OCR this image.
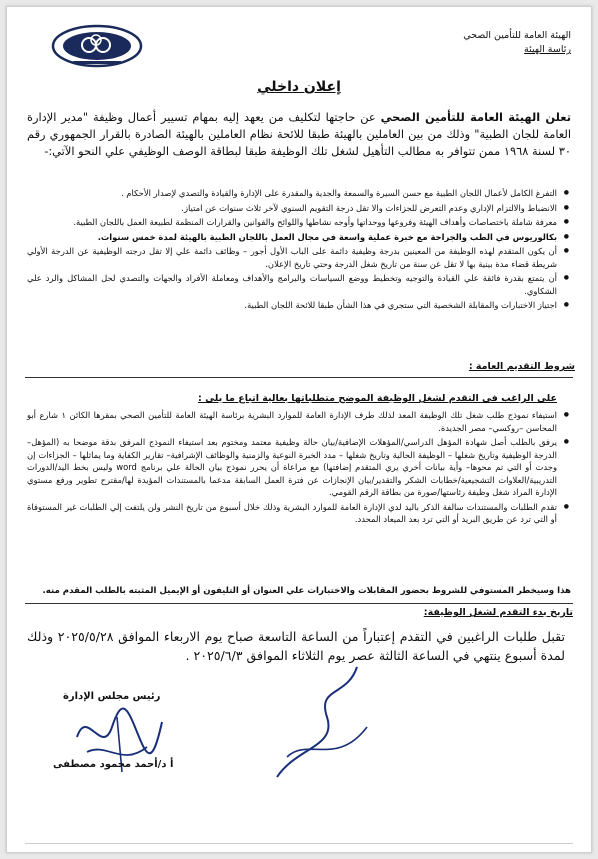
الهيئة العامة للتأمين الصحي
رئاسة الهيئة
إعلان داخلي
تعلن الهيئة العامة للتأمين الصحي عن حاجتها لتكليف من يعهد إليه بمهام تسيير أعمال وظيفة "مدير الإدارة العامة للجان الطبية" وذلك من بين العاملين بالهيئة طبقا للائحة نظام العاملين بالهيئة الصادرة بالقرار الجمهوري رقم ٣٠ لسنة ١٩٦٨ ممن تتوافر به مطالب التأهيل لشغل تلك الوظيفة طبقا لبطاقة الوصف الوظيفي علي النحو الآتي:-
● التفرغ الكامل لأعمال اللجان الطبية مع حسن السيرة والسمعة والجدية والمقدرة على الإدارة والقيادة والتصدي لإصدار الأحكام .
● الانضباط والالتزام الإداري وعدم التعرض للجزاءات والا تقل درجة التقويم السنوي لآخر ثلاث سنوات عن امتياز.
● معرفة شاملة باختصاصات وأهداف الهيئة وفروعها ووحداتها وأوجه نشاطها واللوائح والقوانين والقرارات المنظمة لطبيعة العمل باللجان الطبية.
● بكالوريوس في الطب والجراحة مع خبرة عملية واسعة في مجال العمل باللجان الطبية بالهيئة لمدة خمس سنوات.
● أن يكون المتقدم لهذه الوظيفة من المعينين بدرجة وظيفية دائمة على الباب الأول أجور – وظائف دائمة علي إلا تقل درجته الوظيفية عن الدرجة الأولي شريطة قضاء مدة بينية بها لا تقل عن سنة من تاريخ شغل الدرجة وحتي تاريخ الإعلان.
● أن يتمتع بقدرة فائقة علي القيادة والتوجيه وتخطيط ووضع السياسات والبرامج والأهداف ومعاملة الأفراد والجهات والتصدي لحل المشاكل والرد علي الشكاوي.
● اجتياز الاختبارات والمقابلة الشخصية التي ستجري في هذا الشأن طبقا للائحة اللجان الطبية.
شروط التقديم العامة :
علي الراغب في التقدم لشغل الوظيفة الموضح متطلباتها بعالية اتباع ما يلي :
● استيفاء نموذج طلب شغل تلك الوظيفة المعد لذلك طرف الإدارة العامة للموارد البشرية برئاسة الهيئة العامة للتأمين الصحي بمقرها الكائن ١ شارع أبو المحاسن –روكسي– مصر الجديدة.
● يرفق بالطلب أصل شهادة المؤهل الدراسي/المؤهلات الإضافية/بيان حالة وظيفية معتمد ومختوم بعد استيفاء النموذج المرفق بدقة موضحا به (المؤهل– الدرجة الوظيفية وتاريخ شغلها – الوظيفة الحالية وتاريخ شغلها – مدد الخبرة النوعية والزمنية والوظائف الإشرافية– تقارير الكفاية وما يماثلها – الجزاءات إن وجدت أو التي تم محوها– وأية بيانات أخري يري المتقدم إضافتها) مع مراعاة أن يحرر نموذج بيان الحالة علي برنامج word وليس بخط اليد/الدورات التدريبية/العلاوات التشجيعية/خطابات الشكر والتقدير/بيان الإنجازات عن فترة العمل السابقة مدعما بالمستندات المؤيدة لها/مقترح تطوير ورفع مستوي الإدارة المراد شغل وظيفة رئاستها/صورة من بطاقة الرقم القومي.
● تقدم الطلبات والمستندات سالفة الذكر باليد لدي الإدارة العامة للموارد البشرية وذلك خلال أسبوع من تاريخ النشر ولن يلتفت إلي الطلبات غير المستوفاة أو التي ترد عن طريق البريد أو التي ترد بعد الميعاد المحدد.
هذا وسيخطر المستوفي للشروط بحضور المقابلات والاختبارات علي العنوان أو التليفون أو الإيميل المثبته بالطلب المقدم منه.
تاريخ بدء التقدم لشغل الوظيفة:
تقبل طلبات الراغبين في التقدم إعتباراً من الساعة التاسعة صباح يوم الاربعاء الموافق ٢٠٢٥/٥/٢٨ وذلك لمدة أسبوع ينتهي في الساعة الثالثة عصر يوم الثلاثاء الموافق ٢٠٢٥/٦/٣ .
رئيس مجلس الإدارة
أ د/أحمد محمود مصطفى
